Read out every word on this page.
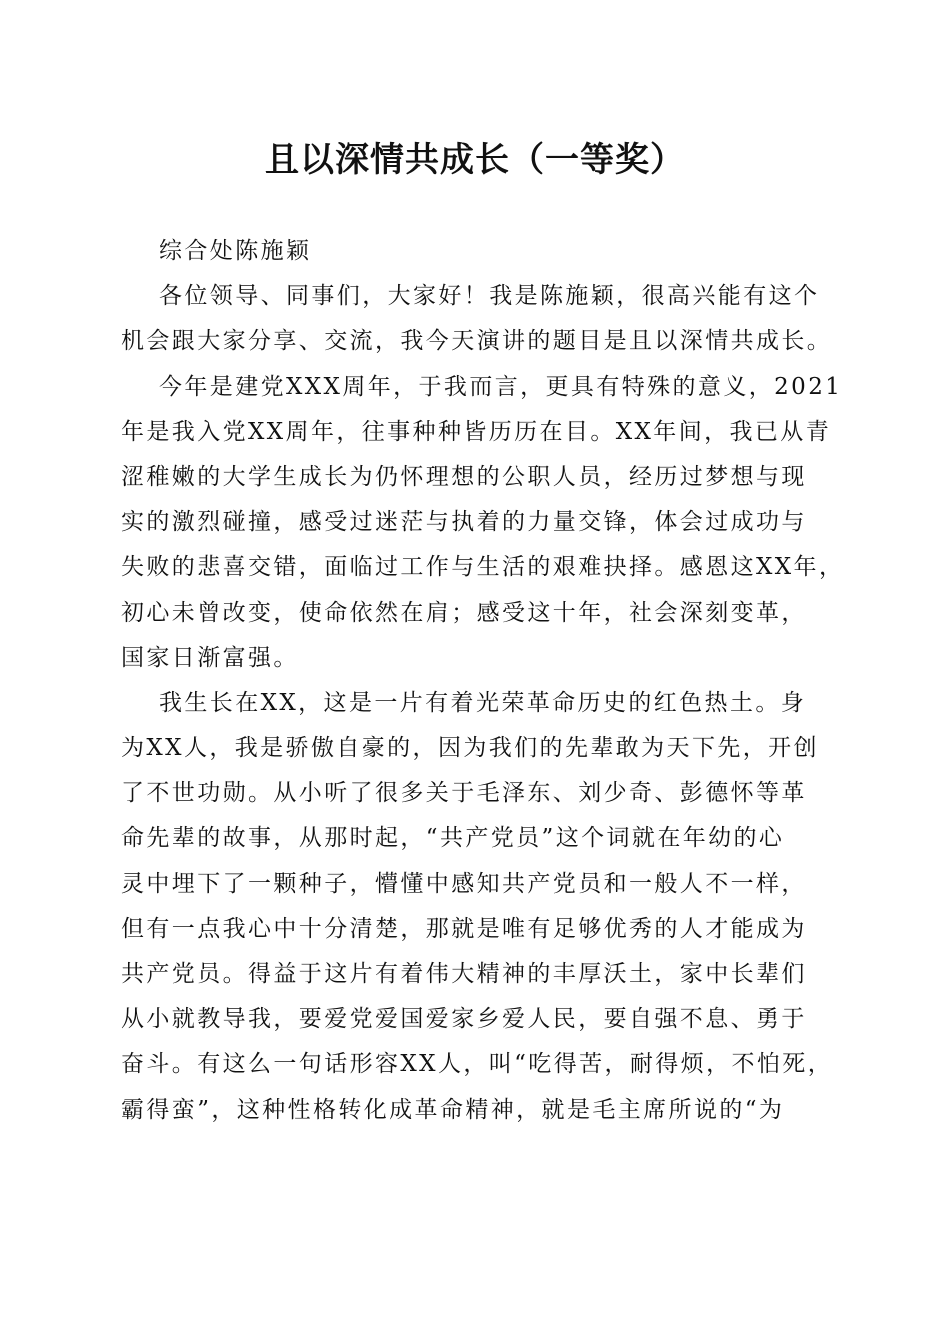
且以深情共成长（一等奖）
综合处陈施颖
各位领导、同事们，大家好！我是陈施颖，很高兴能有这个
机会跟大家分享、交流，我今天演讲的题目是且以深情共成长。
今年是建党XXX周年，于我而言，更具有特殊的意义，2021
年是我入党XX周年，往事种种皆历历在目。XX年间，我已从青
涩稚嫩的大学生成长为仍怀理想的公职人员，经历过梦想与现
实的激烈碰撞，感受过迷茫与执着的力量交锋，体会过成功与
失败的悲喜交错，面临过工作与生活的艰难抉择。感恩这XX年，
初心未曾改变，使命依然在肩；感受这十年，社会深刻变革，
国家日渐富强。
我生长在XX，这是一片有着光荣革命历史的红色热土。身
为XX人，我是骄傲自豪的，因为我们的先辈敢为天下先，开创
了不世功勋。从小听了很多关于毛泽东、刘少奇、彭德怀等革
命先辈的故事，从那时起，“共产党员”这个词就在年幼的心
灵中埋下了一颗种子，懵懂中感知共产党员和一般人不一样，
但有一点我心中十分清楚，那就是唯有足够优秀的人才能成为
共产党员。得益于这片有着伟大精神的丰厚沃土，家中长辈们
从小就教导我，要爱党爱国爱家乡爱人民，要自强不息、勇于
奋斗。有这么一句话形容XX人，叫“吃得苦，耐得烦，不怕死，
霸得蛮”，这种性格转化成革命精神，就是毛主席所说的“为
